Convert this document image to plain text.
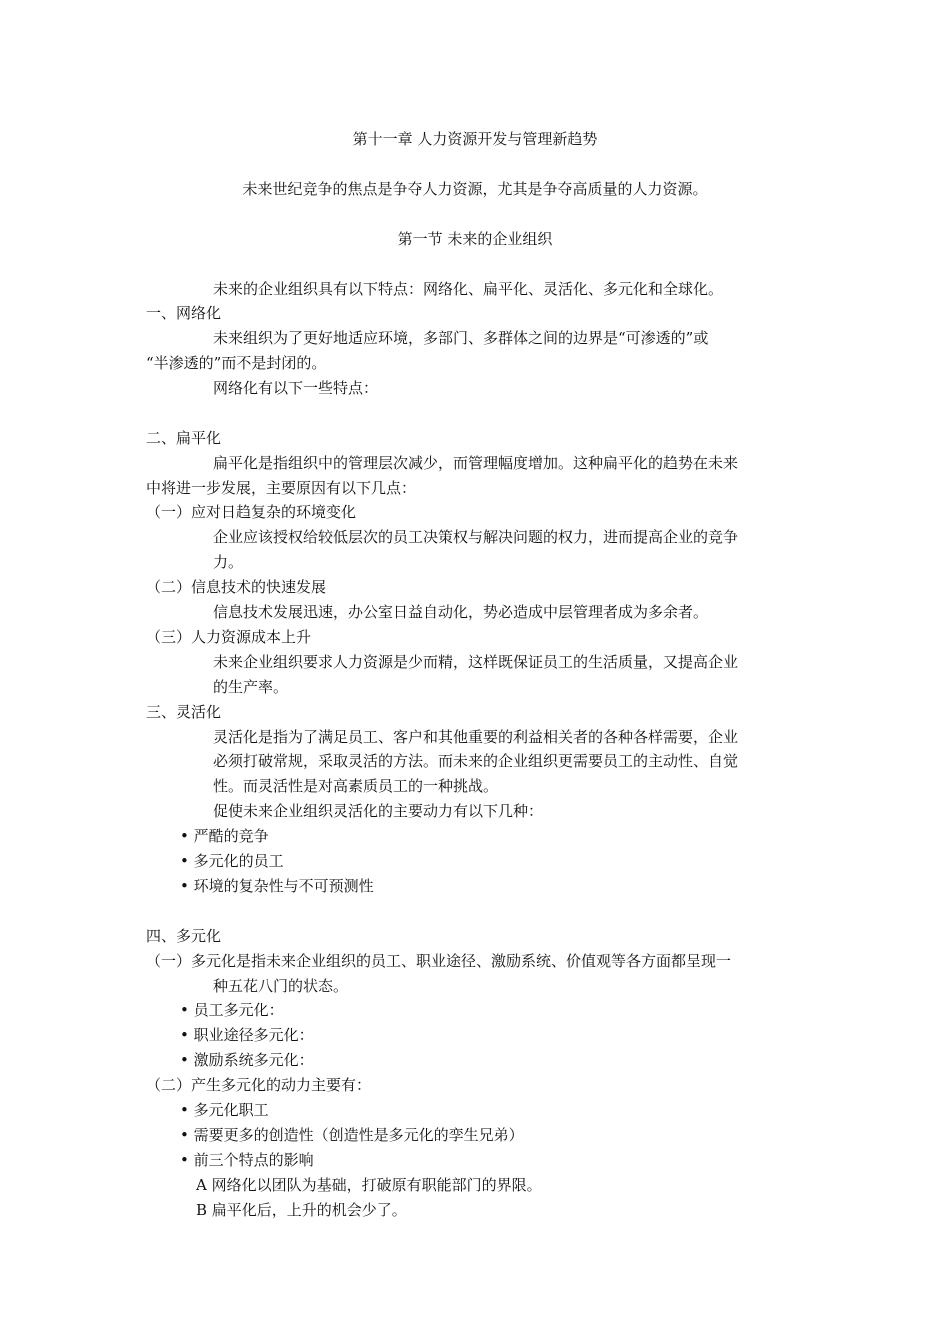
第十一章 人力资源开发与管理新趋势
未来世纪竞争的焦点是争夺人力资源，尤其是争夺高质量的人力资源。
第一节 未来的企业组织
未来的企业组织具有以下特点：网络化、扁平化、灵活化、多元化和全球化。
一、网络化
未来组织为了更好地适应环境，多部门、多群体之间的边界是“可渗透的”或
“半渗透的”而不是封闭的。
网络化有以下一些特点：
二、扁平化
扁平化是指组织中的管理层次减少，而管理幅度增加。这种扁平化的趋势在未来
中将进一步发展，主要原因有以下几点：
（一）应对日趋复杂的环境变化
企业应该授权给较低层次的员工决策权与解决问题的权力，进而提高企业的竞争
力。
（二）信息技术的快速发展
信息技术发展迅速，办公室日益自动化，势必造成中层管理者成为多余者。
（三）人力资源成本上升
未来企业组织要求人力资源是少而精，这样既保证员工的生活质量，又提高企业
的生产率。
三、灵活化
灵活化是指为了满足员工、客户和其他重要的利益相关者的各种各样需要，企业
必须打破常规，采取灵活的方法。而未来的企业组织更需要员工的主动性、自觉
性。而灵活性是对高素质员工的一种挑战。
促使未来企业组织灵活化的主要动力有以下几种：
• 严酷的竞争
• 多元化的员工
• 环境的复杂性与不可预测性
四、多元化
（一）多元化是指未来企业组织的员工、职业途径、激励系统、价值观等各方面都呈现一
种五花八门的状态。
• 员工多元化：
• 职业途径多元化：
• 激励系统多元化：
（二）产生多元化的动力主要有：
• 多元化职工
• 需要更多的创造性（创造性是多元化的孪生兄弟）
• 前三个特点的影响
A 网络化以团队为基础，打破原有职能部门的界限。
B 扁平化后，上升的机会少了。
